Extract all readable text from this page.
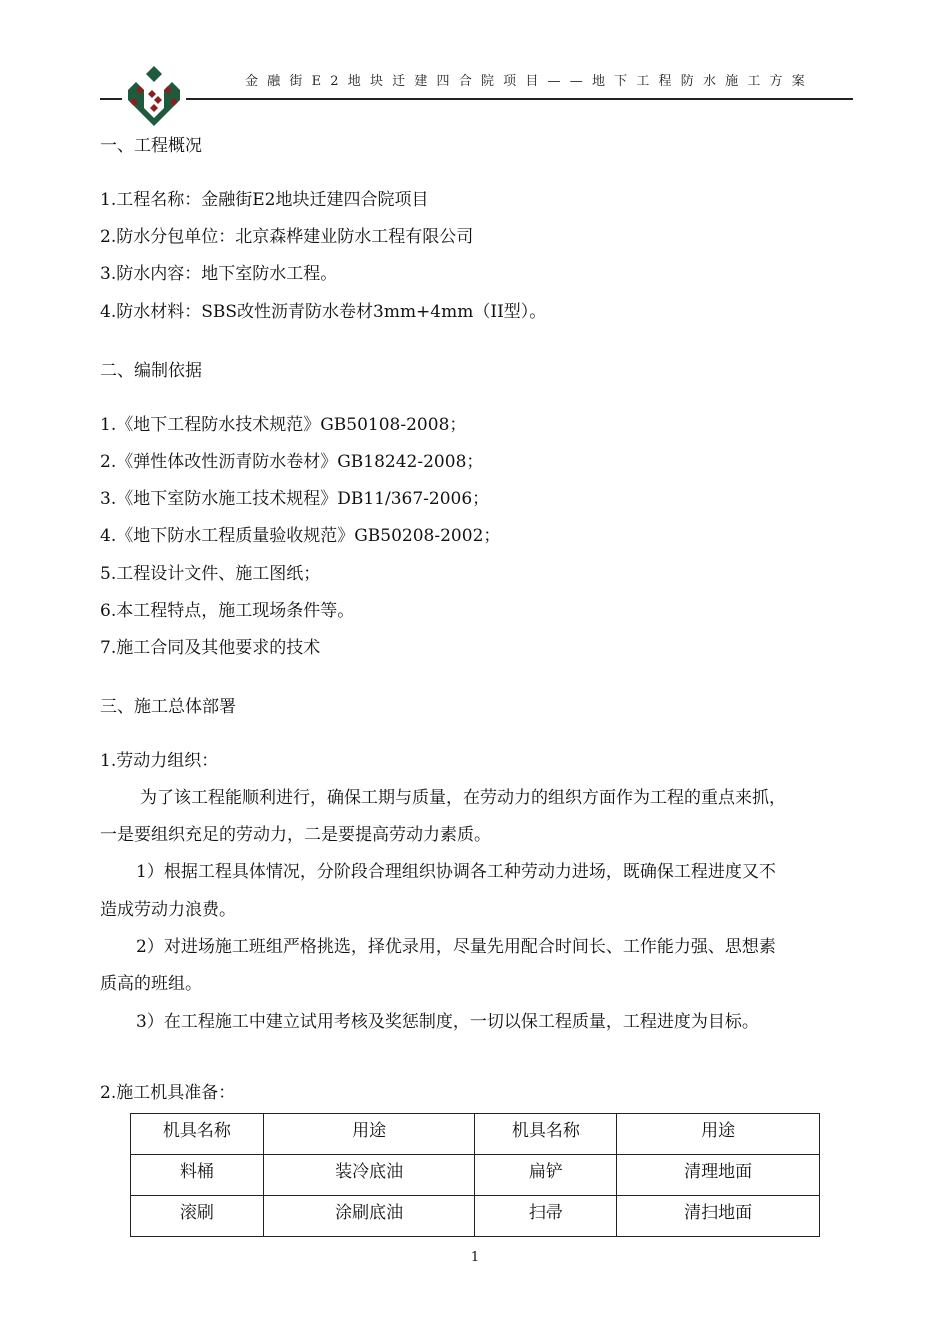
金融街E2地块迁建四合院项目——地下工程防水施工方案
一、工程概况
1.工程名称：金融街E2地块迁建四合院项目
2.防水分包单位：北京森桦建业防水工程有限公司
3.防水内容：地下室防水工程。
4.防水材料：SBS改性沥青防水卷材3mm+4mm（II型）。
二、编制依据
1.《地下工程防水技术规范》GB50108-2008；
2.《弹性体改性沥青防水卷材》GB18242-2008；
3.《地下室防水施工技术规程》DB11/367-2006；
4.《地下防水工程质量验收规范》GB50208-2002；
5.工程设计文件、施工图纸；
6.本工程特点，施工现场条件等。
7.施工合同及其他要求的技术
三、施工总体部署
1.劳动力组织：
为了该工程能顺利进行，确保工期与质量，在劳动力的组织方面作为工程的重点来抓，
一是要组织充足的劳动力，二是要提高劳动力素质。
1）根据工程具体情况，分阶段合理组织协调各工种劳动力进场，既确保工程进度又不
造成劳动力浪费。
2）对进场施工班组严格挑选，择优录用，尽量先用配合时间长、工作能力强、思想素
质高的班组。
3）在工程施工中建立试用考核及奖惩制度，一切以保工程质量，工程进度为目标。
2.施工机具准备：
机具名称	用途	机具名称	用途
料桶	装冷底油	扁铲	清理地面
滚刷	涂刷底油	扫帚	清扫地面
1
